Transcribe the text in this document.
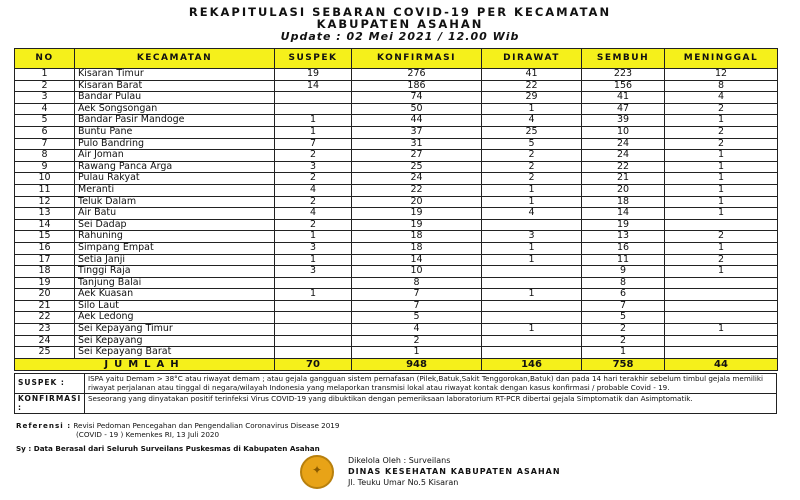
REKAPITULASI SEBARAN COVID-19 PER KECAMATAN
KABUPATEN ASAHAN
Update : 02 Mei 2021 / 12.00 Wib
NO	KECAMATAN	SUSPEK	KONFIRMASI	DIRAWAT	SEMBUH	MENINGGAL
1	Kisaran Timur	19	276	41	223	12
2	Kisaran Barat	14	186	22	156	8
3	Bandar Pulau		74	29	41	4
4	Aek Songsongan		50	1	47	2
5	Bandar Pasir Mandoge	1	44	4	39	1
6	Buntu Pane	1	37	25	10	2
7	Pulo Bandring	7	31	5	24	2
8	Air Joman	2	27	2	24	1
9	Rawang Panca Arga	3	25	2	22	1
10	Pulau Rakyat	2	24	2	21	1
11	Meranti	4	22	1	20	1
12	Teluk Dalam	2	20	1	18	1
13	Air Batu	4	19	4	14	1
14	Sei Dadap	2	19		19	
15	Rahuning	1	18	3	13	2
16	Simpang Empat	3	18	1	16	1
17	Setia Janji	1	14	1	11	2
18	Tinggi Raja	3	10		9	1
19	Tanjung Balai		8		8	
20	Aek Kuasan	1	7	1	6	
21	Silo Laut		7		7	
22	Aek Ledong		5		5	
23	Sei Kepayang Timur		4	1	2	1
24	Sei Kepayang		2		2	
25	Sei Kepayang Barat		1		1	
JUMLAH		70	948	146	758	44
SUSPEK :	ISPA yaitu Demam > 38°C atau riwayat demam ; atau gejala gangguan sistem pernafasan (Pilek,Batuk,Sakit Tenggorokan,Batuk) dan pada 14 hari terakhir sebelum timbul gejala memiliki riwayat perjalanan atau tinggal di negara/wilayah Indonesia yang melaporkan transmisi lokal atau riwayat kontak dengan kasus konfirmasi / probable Covid - 19.
KONFIRMASI :	Seseorang yang dinyatakan positif terinfeksi Virus COVID-19 yang dibuktikan dengan pemeriksaan laboratorium RT-PCR dibertai gejala Simptomatik dan Asimptomatik.
Referensi : Revisi Pedoman Pencegahan dan Pengendalian Coronavirus Disease 2019
(COVID - 19 ) Kemenkes RI, 13 Juli 2020
Sy : Data Berasal dari Seluruh Surveilans Puskesmas di Kabupaten Asahan
✦
Dikelola Oleh : Surveilans
DINAS KESEHATAN KABUPATEN ASAHAN
Jl. Teuku Umar No.5 Kisaran
